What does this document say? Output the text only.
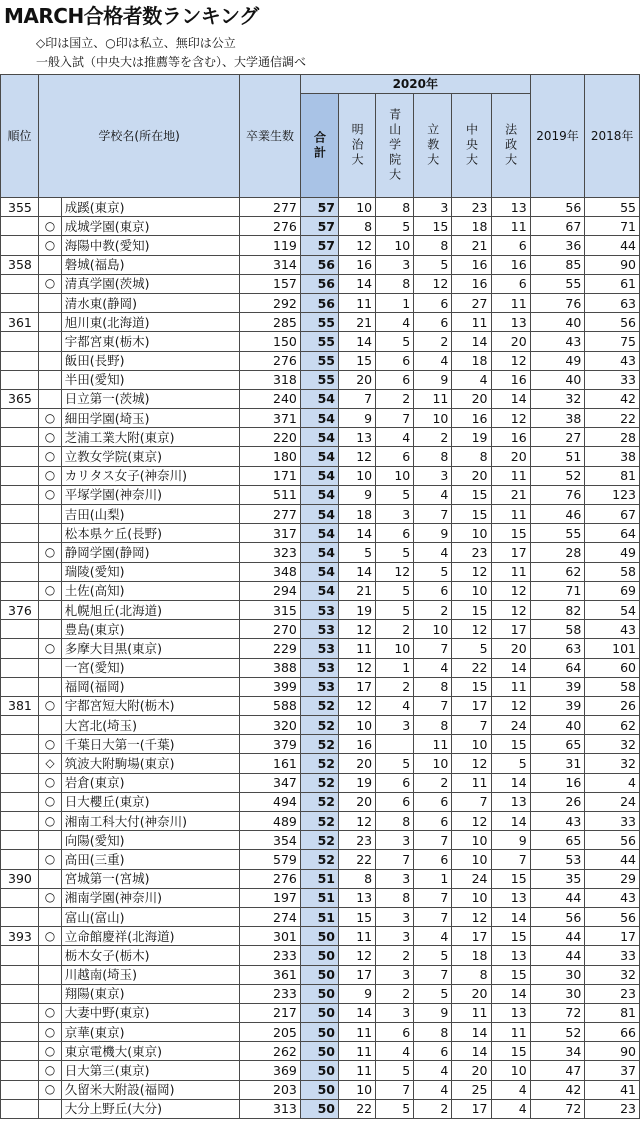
MARCH合格者数ランキング
◇印は国立、○印は私立、無印は公立
一般入試（中央大は推薦等を含む）、大学通信調べ
順位	学校名(所在地)		卒業生数	2020年						2019年	2018年
				合計	明治大	青山学院大	立教大	中央大	法政大		
355		成蹊(東京)	277	57	10	8	3	23	13	56	55
	○	成城学園(東京)	276	57	8	5	15	18	11	67	71
	○	海陽中教(愛知)	119	57	12	10	8	21	6	36	44
358		磐城(福島)	314	56	16	3	5	16	16	85	90
	○	清真学園(茨城)	157	56	14	8	12	16	6	55	61
		清水東(静岡)	292	56	11	1	6	27	11	76	63
361		旭川東(北海道)	285	55	21	4	6	11	13	40	56
		宇都宮東(栃木)	150	55	14	5	2	14	20	43	75
		飯田(長野)	276	55	15	6	4	18	12	49	43
		半田(愛知)	318	55	20	6	9	4	16	40	33
365		日立第一(茨城)	240	54	7	2	11	20	14	32	42
	○	細田学園(埼玉)	371	54	9	7	10	16	12	38	22
	○	芝浦工業大附(東京)	220	54	13	4	2	19	16	27	28
	○	立教女学院(東京)	180	54	12	6	8	8	20	51	38
	○	カリタス女子(神奈川)	171	54	10	10	3	20	11	52	81
	○	平塚学園(神奈川)	511	54	9	5	4	15	21	76	123
		吉田(山梨)	277	54	18	3	7	15	11	46	67
		松本県ケ丘(長野)	317	54	14	6	9	10	15	55	64
	○	静岡学園(静岡)	323	54	5	5	4	23	17	28	49
		瑞陵(愛知)	348	54	14	12	5	12	11	62	58
	○	土佐(高知)	294	54	21	5	6	10	12	71	69
376		札幌旭丘(北海道)	315	53	19	5	2	15	12	82	54
		豊島(東京)	270	53	12	2	10	12	17	58	43
	○	多摩大目黒(東京)	229	53	11	10	7	5	20	63	101
		一宮(愛知)	388	53	12	1	4	22	14	64	60
		福岡(福岡)	399	53	17	2	8	15	11	39	58
381	○	宇都宮短大附(栃木)	588	52	12	4	7	17	12	39	26
		大宮北(埼玉)	320	52	10	3	8	7	24	40	62
	○	千葉日大第一(千葉)	379	52	16		11	10	15	65	32
	◇	筑波大附駒場(東京)	161	52	20	5	10	12	5	31	32
	○	岩倉(東京)	347	52	19	6	2	11	14	16	4
	○	日大櫻丘(東京)	494	52	20	6	6	7	13	26	24
	○	湘南工科大付(神奈川)	489	52	12	8	6	12	14	43	33
		向陽(愛知)	354	52	23	3	7	10	9	65	56
	○	高田(三重)	579	52	22	7	6	10	7	53	44
390		宮城第一(宮城)	276	51	8	3	1	24	15	35	29
	○	湘南学園(神奈川)	197	51	13	8	7	10	13	44	43
		富山(富山)	274	51	15	3	7	12	14	56	56
393	○	立命館慶祥(北海道)	301	50	11	3	4	17	15	44	17
		栃木女子(栃木)	233	50	12	2	5	18	13	44	33
		川越南(埼玉)	361	50	17	3	7	8	15	30	32
		翔陽(東京)	233	50	9	2	5	20	14	30	23
	○	大妻中野(東京)	217	50	14	3	9	11	13	72	81
	○	京華(東京)	205	50	11	6	8	14	11	52	66
	○	東京電機大(東京)	262	50	11	4	6	14	15	34	90
	○	日大第三(東京)	369	50	11	5	4	20	10	47	37
	○	久留米大附設(福岡)	203	50	10	7	4	25	4	42	41
		大分上野丘(大分)	313	50	22	5	2	17	4	72	23
